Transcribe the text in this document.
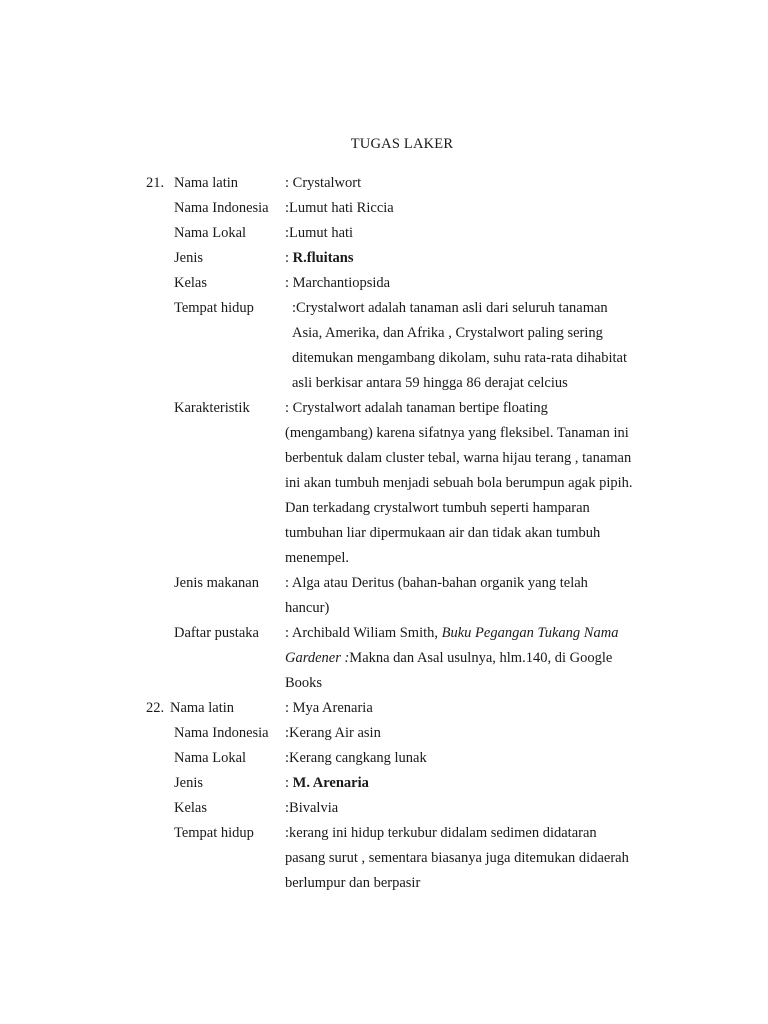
TUGAS LAKER
21. Nama latin	: Crystalwort
Nama Indonesia :Lumut hati Riccia
Nama Lokal	:Lumut hati
Jenis	: R.fluitans
Kelas	: Marchantiopsida
Tempat hidup	:Crystalwort adalah tanaman asli dari seluruh tanaman
Asia, Amerika, dan Afrika , Crystalwort paling sering
ditemukan mengambang dikolam, suhu rata-rata dihabitat
asli berkisar antara 59 hingga 86 derajat celcius
Karakteristik : Crystalwort adalah tanaman bertipe floating
(mengambang) karena sifatnya yang fleksibel. Tanaman ini
berbentuk dalam cluster tebal, warna hijau terang , tanaman
ini akan tumbuh menjadi sebuah bola berumpun agak pipih.
Dan terkadang crystalwort tumbuh seperti hamparan
tumbuhan liar dipermukaan air dan tidak akan tumbuh
menempel.
Jenis makanan : Alga atau Deritus (bahan-bahan organik yang telah
hancur)
Daftar pustaka : Archibald Wiliam Smith, Buku Pegangan Tukang Nama
Gardener :Makna dan Asal usulnya, hlm.140, di Google
Books
22. Nama latin	: Mya Arenaria
Nama Indonesia :Kerang Air asin
Nama Lokal	:Kerang cangkang lunak
Jenis	: M. Arenaria
Kelas	:Bivalvia
Tempat hidup :kerang ini hidup terkubur didalam sedimen didataran
pasang surut , sementara biasanya juga ditemukan didaerah
berlumpur dan berpasir
